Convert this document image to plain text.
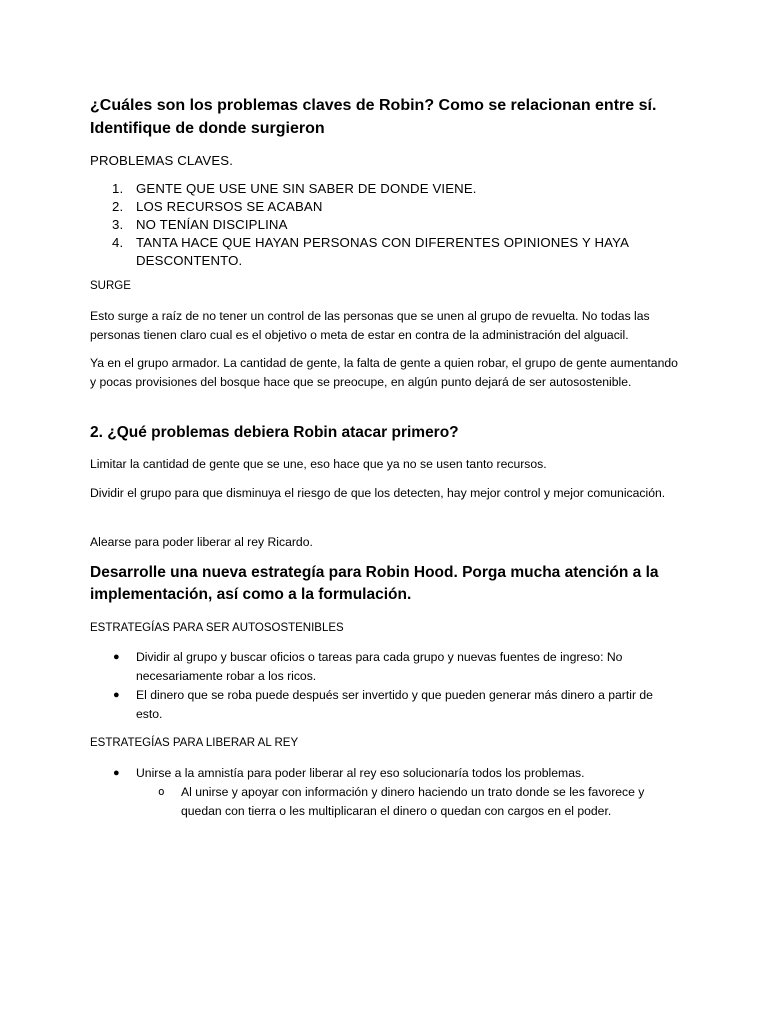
¿Cuáles son los problemas claves de Robin? Como se relacionan entre sí. Identifique de donde surgieron

PROBLEMAS CLAVES.

1. GENTE QUE USE UNE SIN SABER DE DONDE VIENE.
2. LOS RECURSOS SE ACABAN
3. NO TENÍAN DISCIPLINA
4. TANTA HACE QUE HAYAN PERSONAS CON DIFERENTES OPINIONES Y HAYA DESCONTENTO.

SURGE

Esto surge a raíz de no tener un control de las personas que se unen al grupo de revuelta. No todas las personas tienen claro cual es el objetivo o meta de estar en contra de la administración del alguacil.

Ya en el grupo armador. La cantidad de gente, la falta de gente a quien robar, el grupo de gente aumentando y pocas provisiones del bosque hace que se preocupe, en algún punto dejará de ser autosostenible.

2. ¿Qué problemas debiera Robin atacar primero?

Limitar la cantidad de gente que se une, eso hace que ya no se usen tanto recursos.

Dividir el grupo para que disminuya el riesgo de que los detecten, hay mejor control y mejor comunicación.

Alearse para poder liberar al rey Ricardo.

Desarrolle una nueva estrategía para Robin Hood. Porga mucha atención a la implementación, así como a la formulación.

ESTRATEGÍAS PARA SER AUTOSOSTENIBLES

● Dividir al grupo y buscar oficios o tareas para cada grupo y nuevas fuentes de ingreso: No necesariamente robar a los ricos.
● El dinero que se roba puede después ser invertido y que pueden generar más dinero a partir de esto.

ESTRATEGÍAS PARA LIBERAR AL REY

● Unirse a la amnistía para poder liberar al rey eso solucionaría todos los problemas.
o Al unirse y apoyar con información y dinero haciendo un trato donde se les favorece y quedan con tierra o les multiplicaran el dinero o quedan con cargos en el poder.
